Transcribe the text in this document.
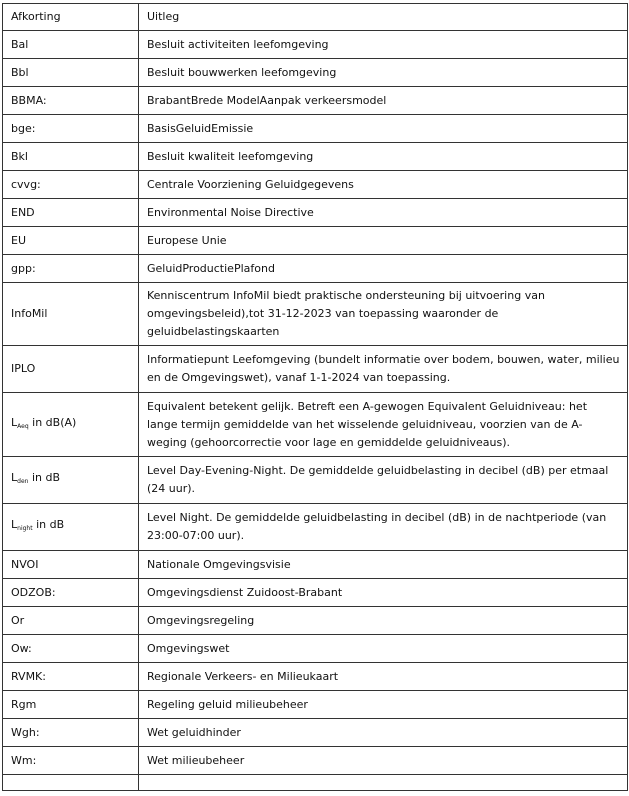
Afkorting	Uitleg
Bal	Besluit activiteiten leefomgeving
Bbl	Besluit bouwwerken leefomgeving
BBMA:	BrabantBrede ModelAanpak verkeersmodel
bge:	BasisGeluidEmissie
Bkl	Besluit kwaliteit leefomgeving
cvvg:	Centrale Voorziening Geluidgegevens
END	Environmental Noise Directive
EU	Europese Unie
gpp:	GeluidProductiePlafond
InfoMil	Kenniscentrum InfoMil biedt praktische ondersteuning bij uitvoering van omgevingsbeleid),tot 31-12-2023 van toepassing waaronder de geluidbelastingskaarten
IPLO	Informatiepunt Leefomgeving (bundelt informatie over bodem, bouwen, water, milieu en de Omgevingswet), vanaf 1-1-2024 van toepassing.
$L_{Aeq}$ in dB(A)	Equivalent betekent gelijk. Betreft een A-gewogen Equivalent Geluidniveau: het lange termijn gemiddelde van het wisselende geluidniveau, voorzien van de A-weging (gehoorcorrectie voor lage en gemiddelde geluidniveaus).
$L_{den}$ in dB	Level Day-Evening-Night. De gemiddelde geluidbelasting in decibel (dB) per etmaal (24 uur).
$L_{night}$ in dB	Level Night. De gemiddelde geluidbelasting in decibel (dB) in de nachtperiode (van 23:00-07:00 uur).
NVOI	Nationale Omgevingsvisie
ODZOB:	Omgevingsdienst Zuidoost-Brabant
Or	Omgevingsregeling
Ow:	Omgevingswet
RVMK:	Regionale Verkeers- en Milieukaart
Rgm	Regeling geluid milieubeheer
Wgh:	Wet geluidhinder
Wm:	Wet milieubeheer
